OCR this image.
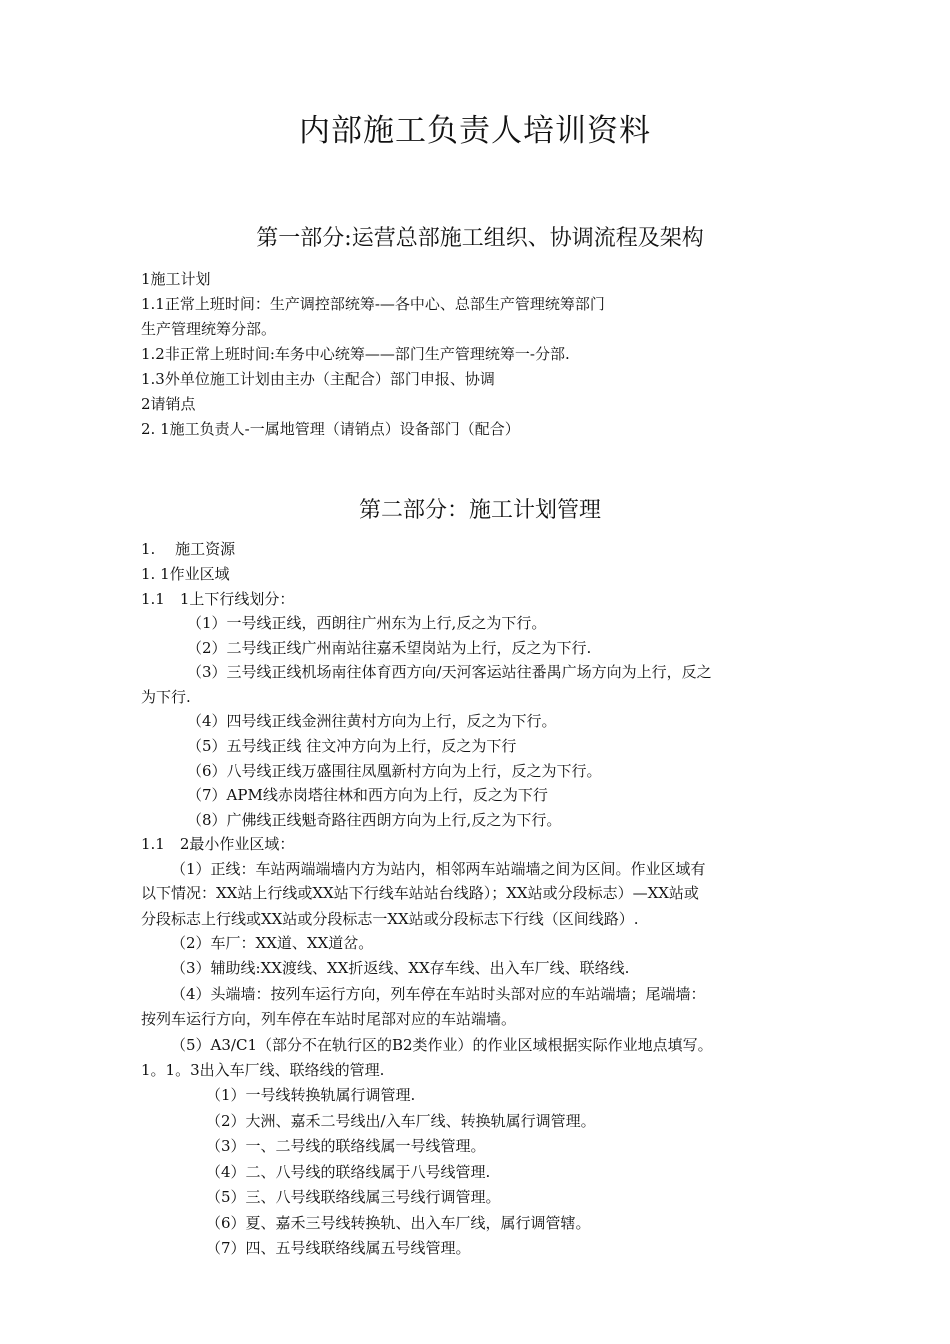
内部施工负责人培训资料
第一部分:运营总部施工组织、协调流程及架构
1施工计划
1.1正常上班时间：生产调控部统筹-—各中心、总部生产管理统筹部门
生产管理统筹分部。
1.2非正常上班时间:车务中心统筹——部门生产管理统筹一-分部.
1.3外单位施工计划由主办（主配合）部门申报、协调
2请销点
2. 1施工负责人-一属地管理（请销点）设备部门（配合）
第二部分：施工计划管理
1.　 施工资源
1. 1作业区域
1.1　1上下行线划分：
（1）一号线正线，西朗往广州东为上行,反之为下行。
（2）二号线正线广州南站往嘉禾望岗站为上行，反之为下行.
（3）三号线正线机场南往体育西方向/天河客运站往番禺广场方向为上行，反之
为下行.
（4）四号线正线金洲往黄村方向为上行，反之为下行。
（5）五号线正线 往文冲方向为上行，反之为下行
（6）八号线正线万盛围往凤凰新村方向为上行，反之为下行。
（7）APM线赤岗塔往林和西方向为上行，反之为下行
（8）广佛线正线魁奇路往西朗方向为上行,反之为下行。
1.1　2最小作业区域：
（1）正线：车站两端端墙内方为站内，相邻两车站端墙之间为区间。作业区域有
以下情况：XX站上行线或XX站下行线车站站台线路）；XX站或分段标志）—XX站或
分段标志上行线或XX站或分段标志一XX站或分段标志下行线（区间线路）.
（2）车厂：XX道、XX道岔。
（3）辅助线:XX渡线、XX折返线、XX存车线、出入车厂线、联络线.
（4）头端墙：按列车运行方向，列车停在车站时头部对应的车站端墙；尾端墙：
按列车运行方向，列车停在车站时尾部对应的车站端墙。
（5）A3/C1（部分不在轨行区的B2类作业）的作业区域根据实际作业地点填写。
1。1。3出入车厂线、联络线的管理.
（1）一号线转换轨属行调管理.
（2）大洲、嘉禾二号线出/入车厂线、转换轨属行调管理。
（3）一、二号线的联络线属一号线管理。
（4）二、八号线的联络线属于八号线管理.
（5）三、八号线联络线属三号线行调管理。
（6）夏、嘉禾三号线转换轨、出入车厂线，属行调管辖。
（7）四、五号线联络线属五号线管理。
